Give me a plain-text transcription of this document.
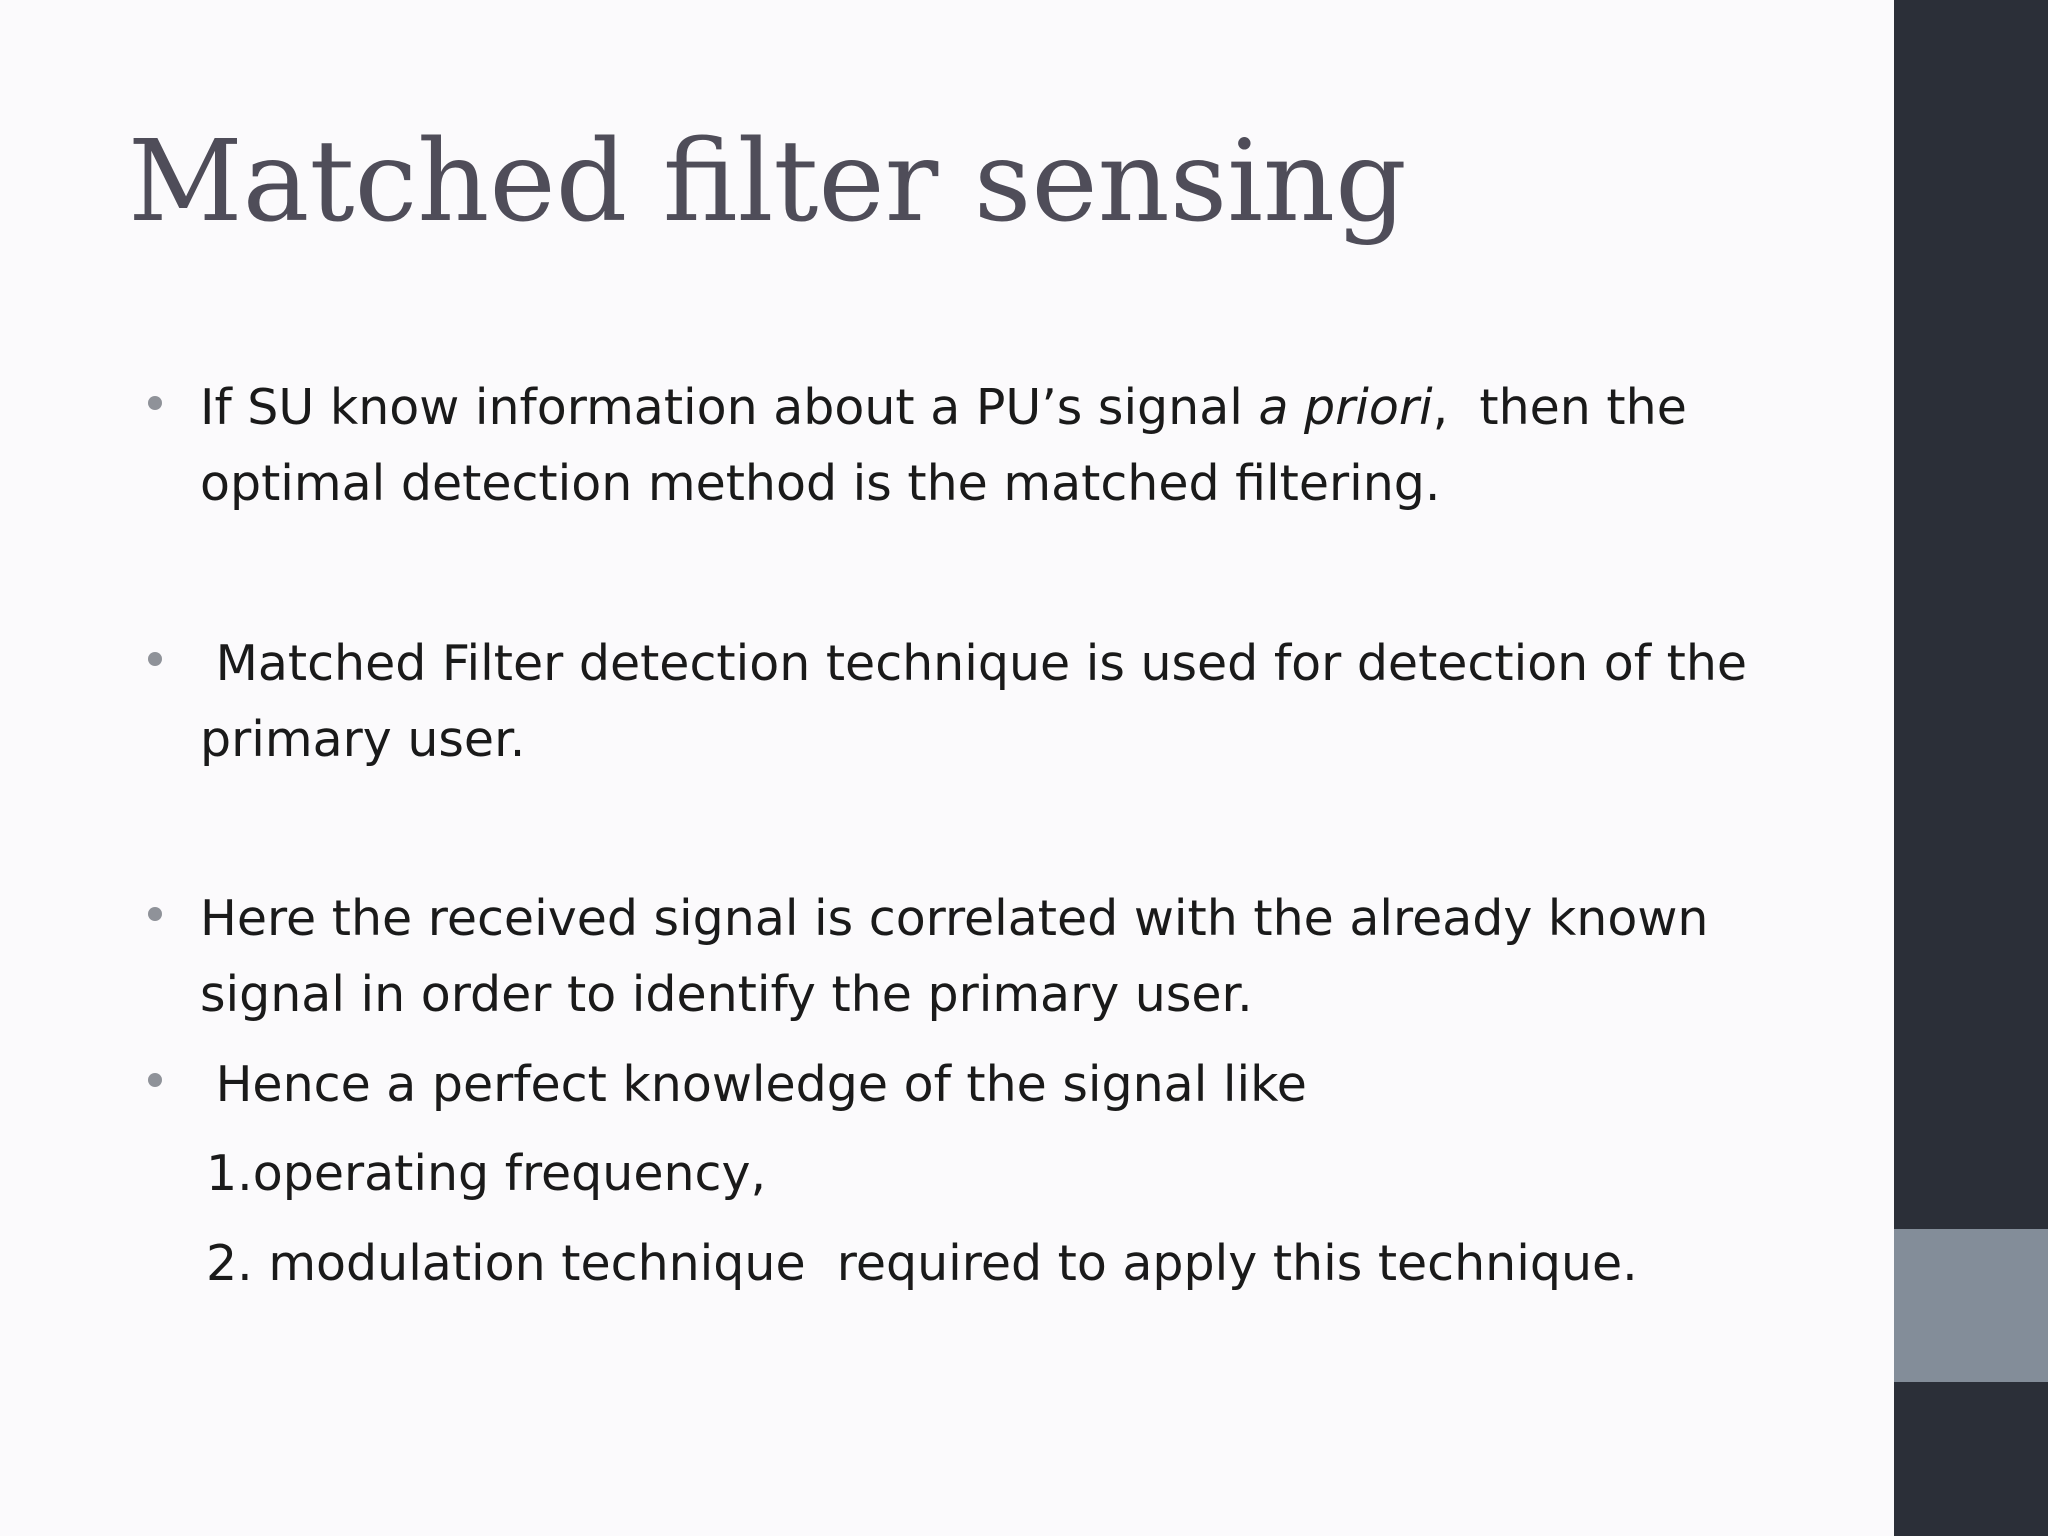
Matched filter sensing
If SU know information about a PU’s signal a priori,  then the optimal detection method is the matched filtering.
Matched Filter detection technique is used for detection of the primary user.
Here the received signal is correlated with the already known signal in order to identify the primary user.
Hence a perfect knowledge of the signal like
1.operating frequency,
2. modulation technique  required to apply this technique.
